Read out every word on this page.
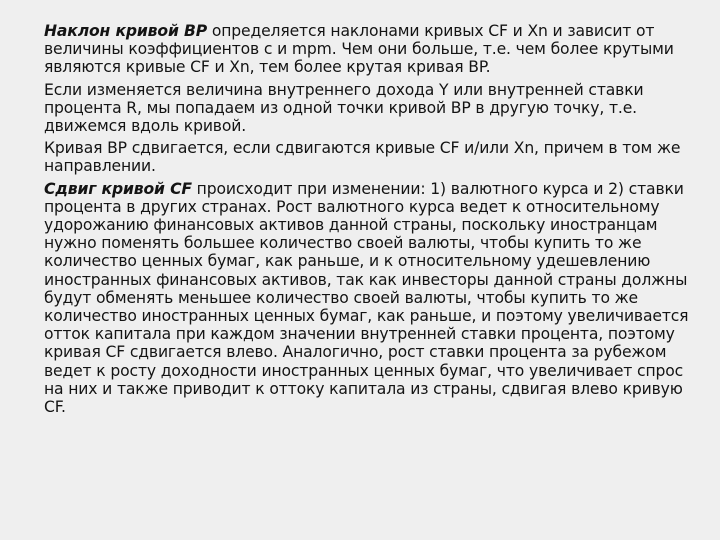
Наклон кривой BP определяется наклонами кривых CF и Xn и зависит от величины коэффициентов с и mpm. Чем они больше, т.е. чем более крутыми являются кривые CF и Xn, тем более крутая кривая BP.

Если изменяется величина внутреннего дохода Y или внутренней ставки процента R, мы попадаем из одной точки кривой BP в другую точку, т.е. движемся вдоль кривой.

Кривая BP сдвигается, если сдвигаются кривые CF и/или Xn, причем в том же направлении.

Сдвиг кривой CF происходит при изменении: 1) валютного курса и 2) ставки процента в других странах. Рост валютного курса ведет к относительному удорожанию финансовых активов данной страны, поскольку иностранцам нужно поменять большее количество своей валюты, чтобы купить то же количество ценных бумаг, как раньше, и к относительному удешевлению иностранных финансовых активов, так как инвесторы данной страны должны будут обменять меньшее количество своей валюты, чтобы купить то же количество иностранных ценных бумаг, как раньше, и поэтому увеличивается отток капитала при каждом значении внутренней ставки процента, поэтому кривая CF сдвигается влево. Аналогично, рост ставки процента за рубежом ведет к росту доходности иностранных ценных бумаг, что увеличивает спрос на них и также приводит к оттоку капитала из страны, сдвигая влево кривую CF.
